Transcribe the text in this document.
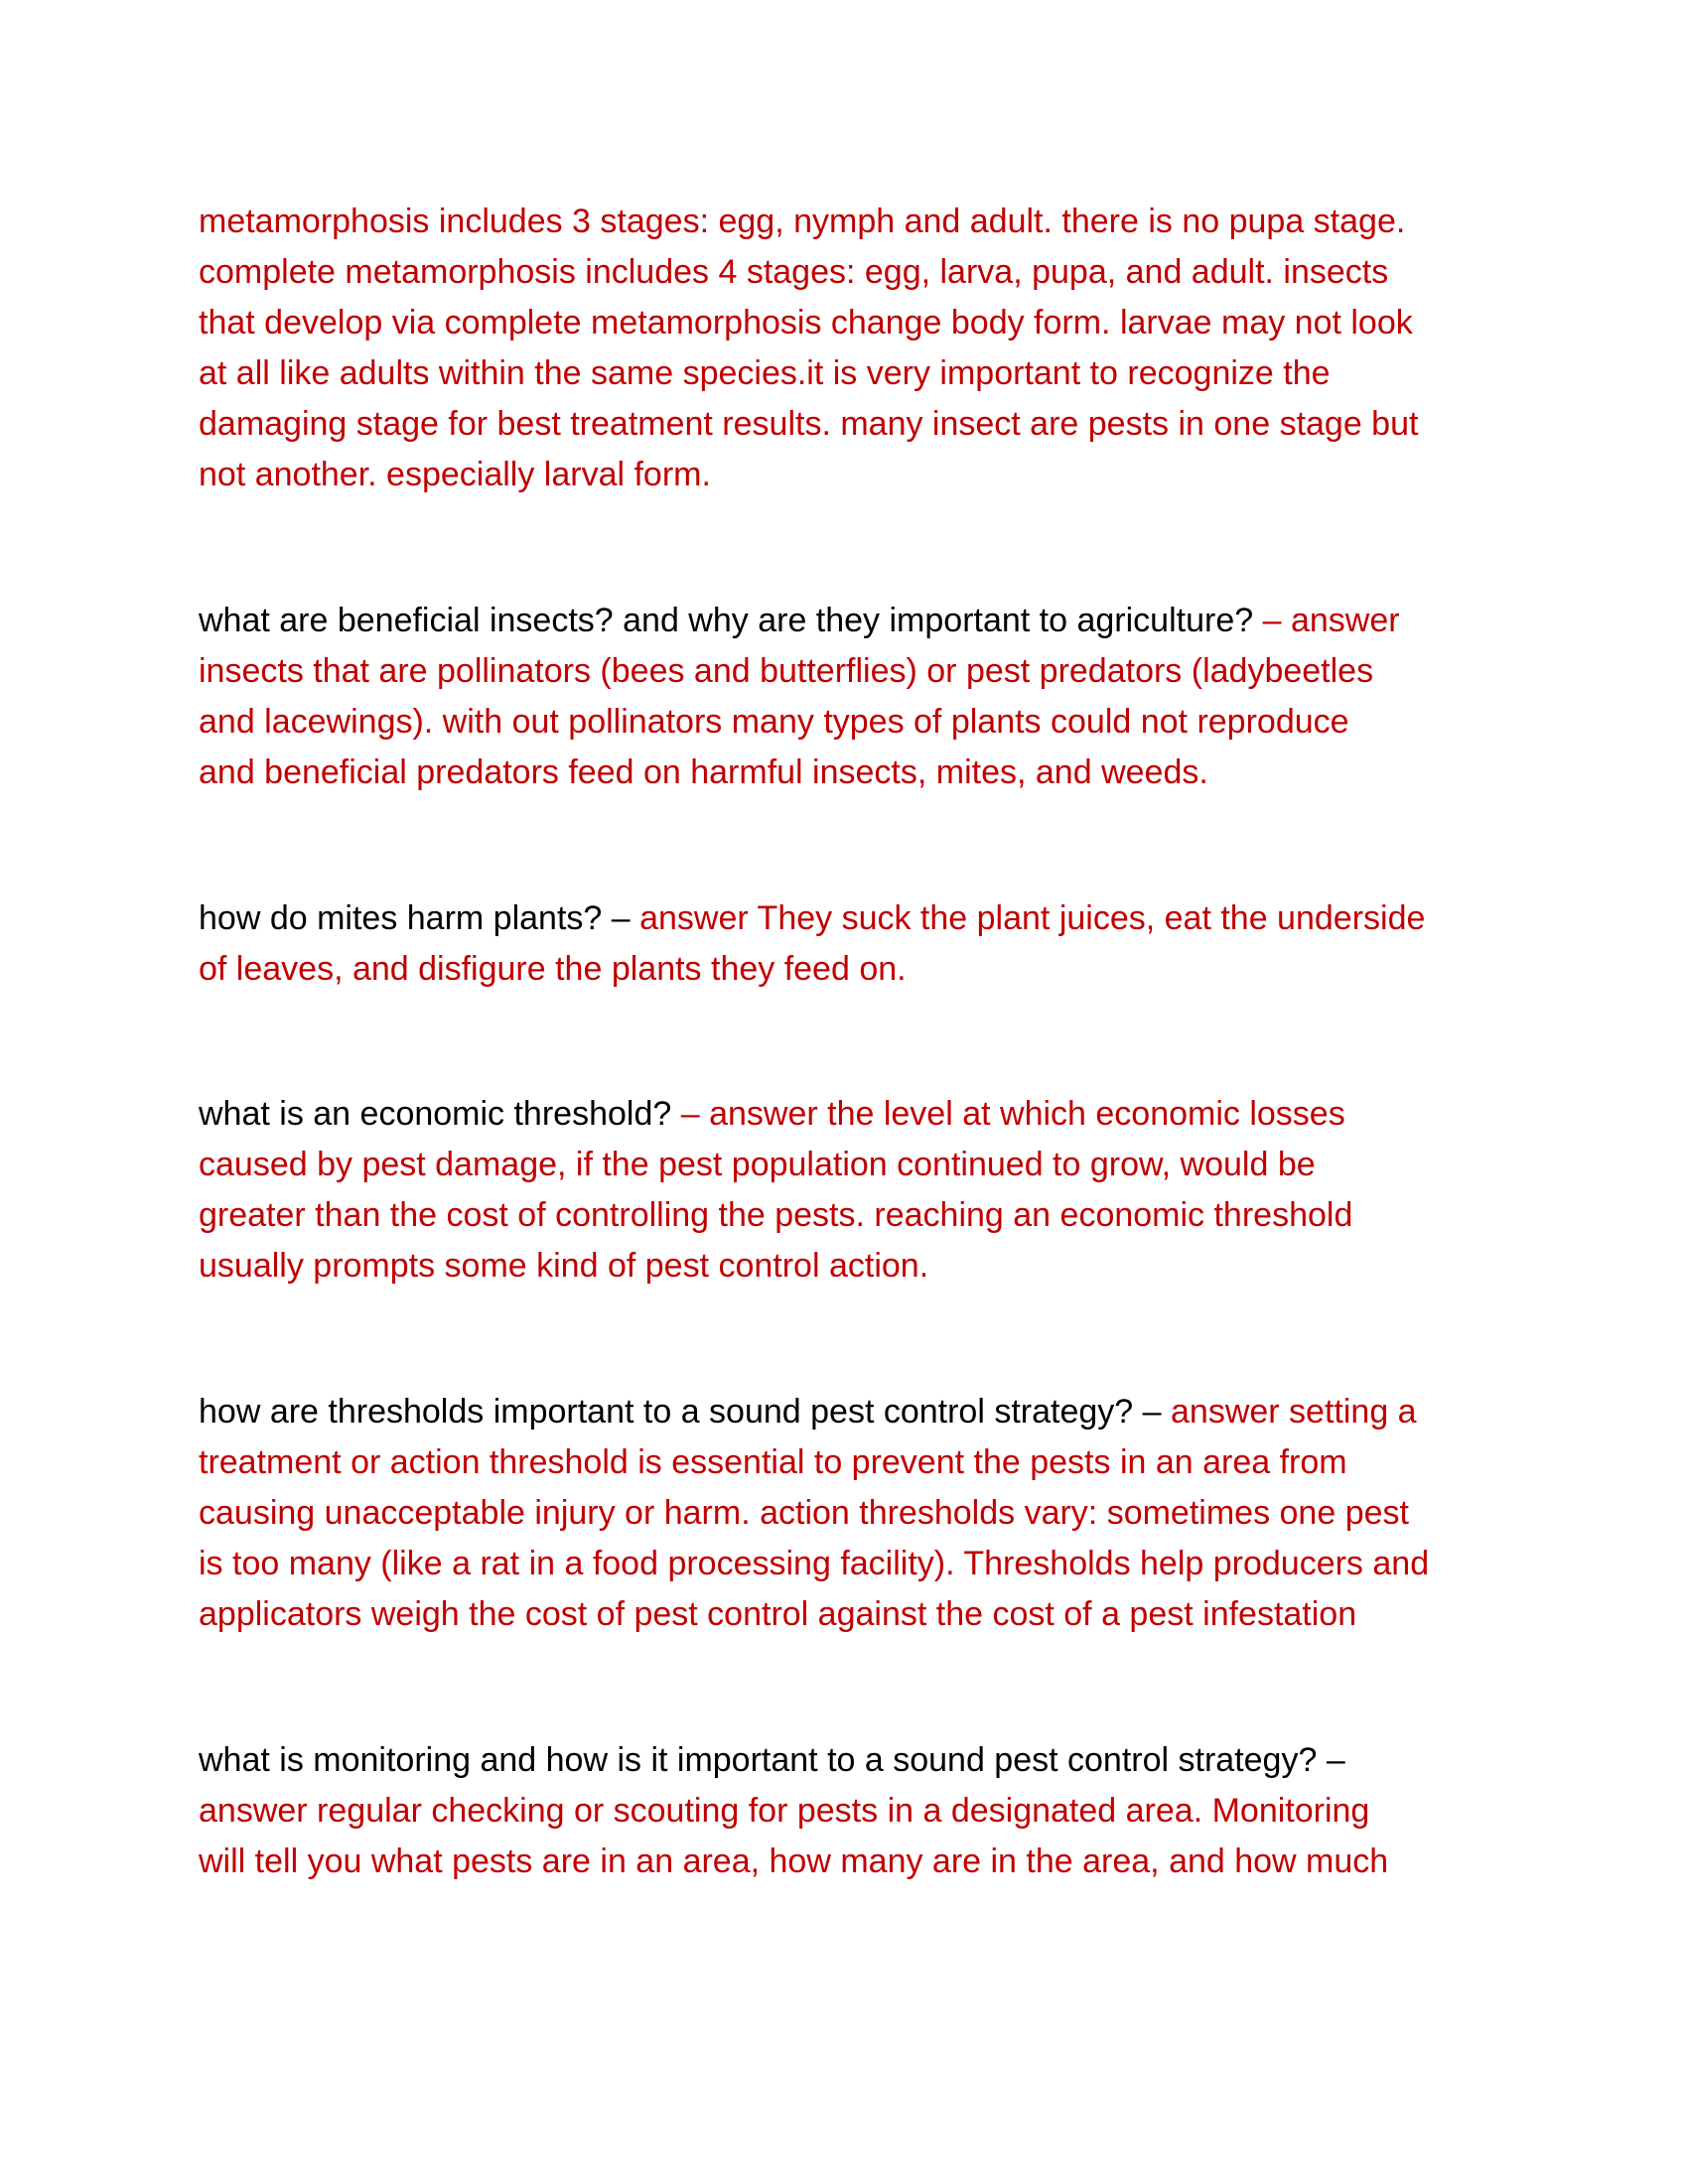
metamorphosis includes 3 stages: egg, nymph and adult. there is no pupa stage.
complete metamorphosis includes 4 stages: egg, larva, pupa, and adult. insects
that develop via complete metamorphosis change body form. larvae may not look
at all like adults within the same species.it is very important to recognize the
damaging stage for best treatment results. many insect are pests in one stage but
not another. especially larval form.

what are beneficial insects? and why are they important to agriculture? – answer
insects that are pollinators (bees and butterflies) or pest predators (ladybeetles
and lacewings). with out pollinators many types of plants could not reproduce
and beneficial predators feed on harmful insects, mites, and weeds.

how do mites harm plants? – answer They suck the plant juices, eat the underside
of leaves, and disfigure the plants they feed on.

what is an economic threshold? – answer the level at which economic losses
caused by pest damage, if the pest population continued to grow, would be
greater than the cost of controlling the pests. reaching an economic threshold
usually prompts some kind of pest control action.

how are thresholds important to a sound pest control strategy? – answer setting a
treatment or action threshold is essential to prevent the pests in an area from
causing unacceptable injury or harm. action thresholds vary: sometimes one pest
is too many (like a rat in a food processing facility). Thresholds help producers and
applicators weigh the cost of pest control against the cost of a pest infestation

what is monitoring and how is it important to a sound pest control strategy? –
answer regular checking or scouting for pests in a designated area. Monitoring
will tell you what pests are in an area, how many are in the area, and how much
